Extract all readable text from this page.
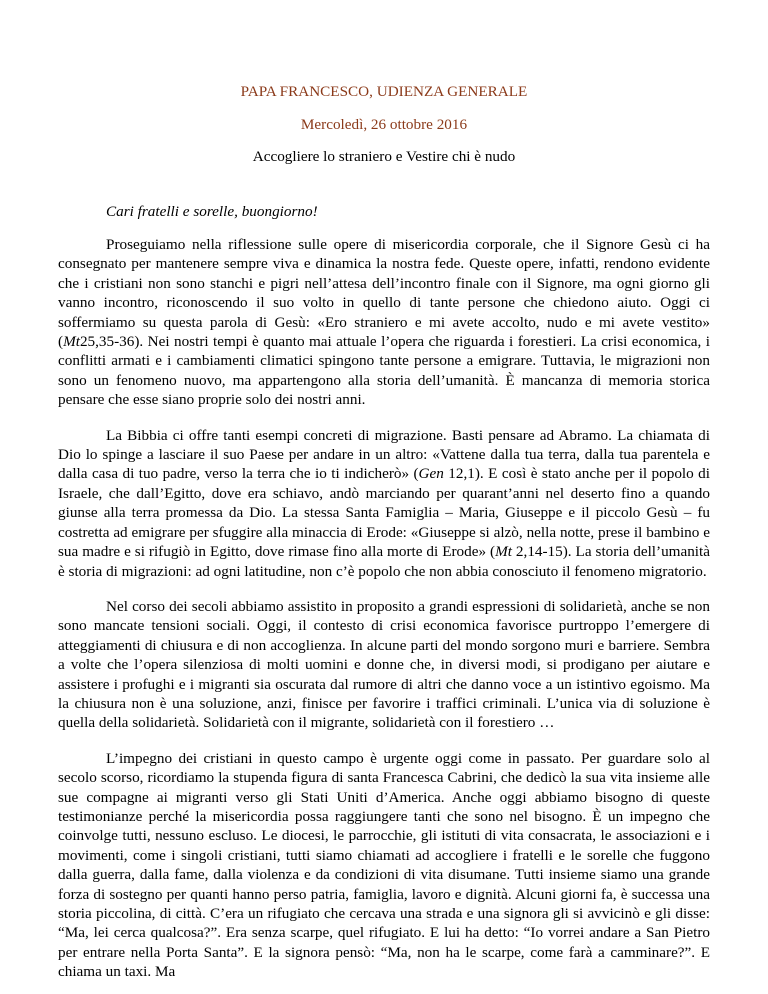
PAPA FRANCESCO, UDIENZA GENERALE

Mercoledì, 26 ottobre 2016

Accogliere lo straniero e Vestire chi è nudo

Cari fratelli e sorelle, buongiorno!

Proseguiamo nella riflessione sulle opere di misericordia corporale, che il Signore Gesù ci ha consegnato per mantenere sempre viva e dinamica la nostra fede. Queste opere, infatti, rendono evidente che i cristiani non sono stanchi e pigri nell’attesa dell’incontro finale con il Signore, ma ogni giorno gli vanno incontro, riconoscendo il suo volto in quello di tante persone che chiedono aiuto. Oggi ci soffermiamo su questa parola di Gesù: «Ero straniero e mi avete accolto, nudo e mi avete vestito» (Mt25,35-36). Nei nostri tempi è quanto mai attuale l’opera che riguarda i forestieri. La crisi economica, i conflitti armati e i cambiamenti climatici spingono tante persone a emigrare. Tuttavia, le migrazioni non sono un fenomeno nuovo, ma appartengono alla storia dell’umanità. È mancanza di memoria storica pensare che esse siano proprie solo dei nostri anni.

La Bibbia ci offre tanti esempi concreti di migrazione. Basti pensare ad Abramo. La chiamata di Dio lo spinge a lasciare il suo Paese per andare in un altro: «Vattene dalla tua terra, dalla tua parentela e dalla casa di tuo padre, verso la terra che io ti indicherò» (Gen 12,1). E così è stato anche per il popolo di Israele, che dall’Egitto, dove era schiavo, andò marciando per quarant’anni nel deserto fino a quando giunse alla terra promessa da Dio. La stessa Santa Famiglia – Maria, Giuseppe e il piccolo Gesù – fu costretta ad emigrare per sfuggire alla minaccia di Erode: «Giuseppe si alzò, nella notte, prese il bambino e sua madre e si rifugiò in Egitto, dove rimase fino alla morte di Erode» (Mt 2,14-15). La storia dell’umanità è storia di migrazioni: ad ogni latitudine, non c’è popolo che non abbia conosciuto il fenomeno migratorio.

Nel corso dei secoli abbiamo assistito in proposito a grandi espressioni di solidarietà, anche se non sono mancate tensioni sociali. Oggi, il contesto di crisi economica favorisce purtroppo l’emergere di atteggiamenti di chiusura e di non accoglienza. In alcune parti del mondo sorgono muri e barriere. Sembra a volte che l’opera silenziosa di molti uomini e donne che, in diversi modi, si prodigano per aiutare e assistere i profughi e i migranti sia oscurata dal rumore di altri che danno voce a un istintivo egoismo. Ma la chiusura non è una soluzione, anzi, finisce per favorire i traffici criminali. L’unica via di soluzione è quella della solidarietà. Solidarietà con il migrante, solidarietà con il forestiero …

L’impegno dei cristiani in questo campo è urgente oggi come in passato. Per guardare solo al secolo scorso, ricordiamo la stupenda figura di santa Francesca Cabrini, che dedicò la sua vita insieme alle sue compagne ai migranti verso gli Stati Uniti d’America. Anche oggi abbiamo bisogno di queste testimonianze perché la misericordia possa raggiungere tanti che sono nel bisogno. È un impegno che coinvolge tutti, nessuno escluso. Le diocesi, le parrocchie, gli istituti di vita consacrata, le associazioni e i movimenti, come i singoli cristiani, tutti siamo chiamati ad accogliere i fratelli e le sorelle che fuggono dalla guerra, dalla fame, dalla violenza e da condizioni di vita disumane. Tutti insieme siamo una grande forza di sostegno per quanti hanno perso patria, famiglia, lavoro e dignità. Alcuni giorni fa, è successa una storia piccolina, di città. C’era un rifugiato che cercava una strada e una signora gli si avvicinò e gli disse: “Ma, lei cerca qualcosa?”. Era senza scarpe, quel rifugiato. E lui ha detto: “Io vorrei andare a San Pietro per entrare nella Porta Santa”. E la signora pensò: “Ma, non ha le scarpe, come farà a camminare?”. E chiama un taxi. Ma
